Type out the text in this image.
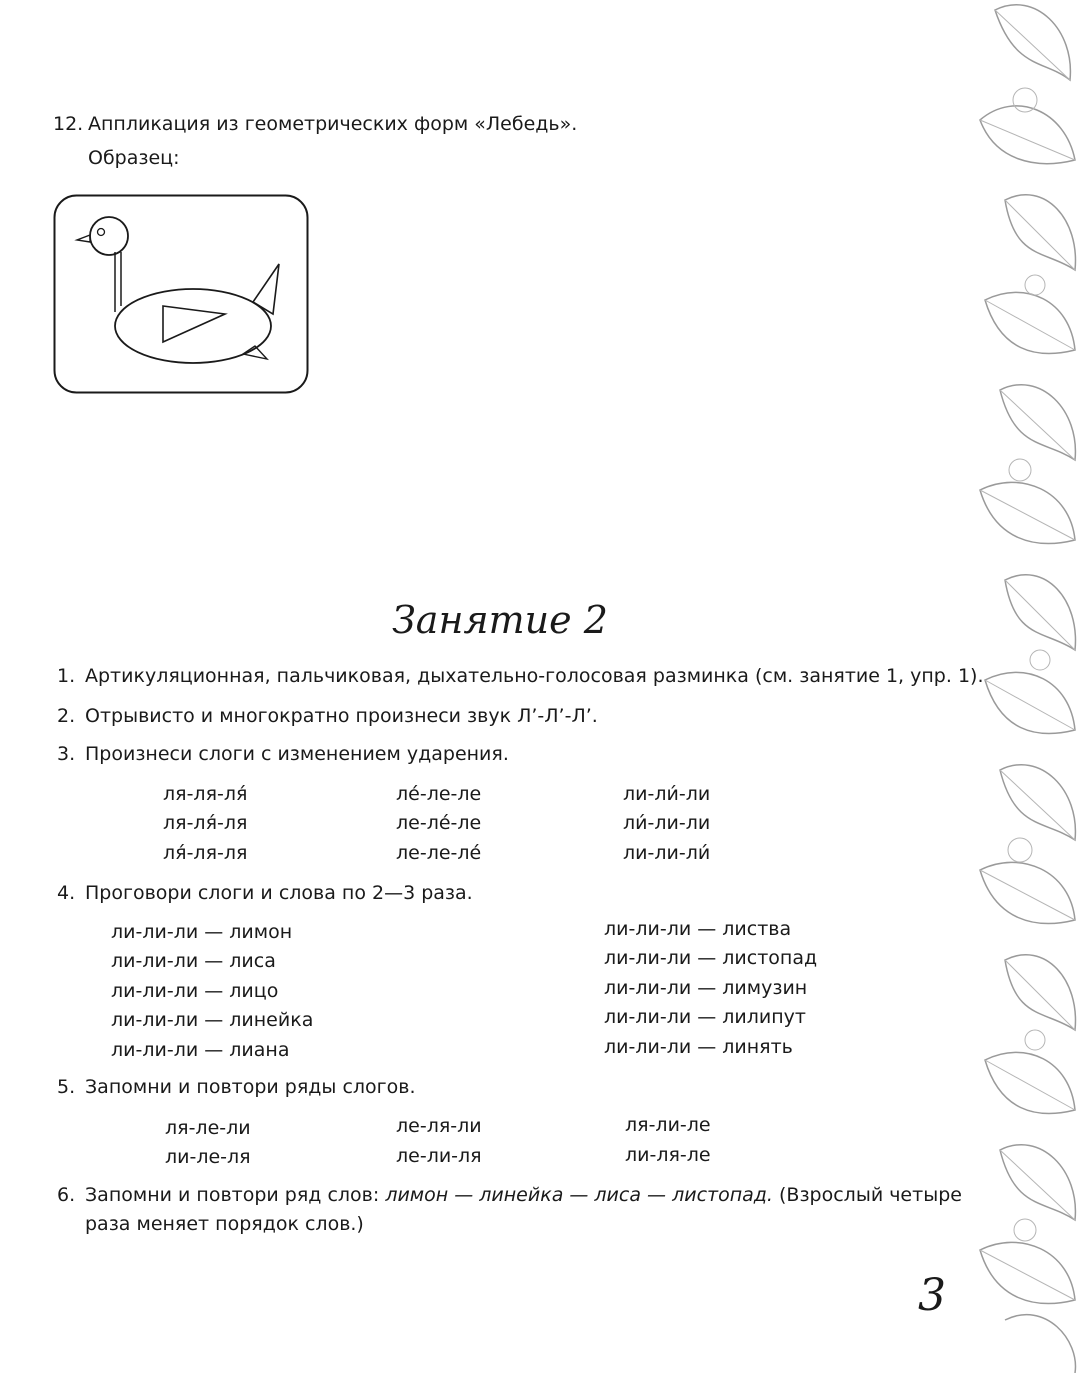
12. Аппликация из геометрических форм «Лебедь».
Образец:
Занятие 2
1. Артикуляционная, пальчиковая, дыхательно-голосовая разминка (см. занятие 1, упр. 1).
2. Отрывисто и многократно произнеси звук Л’-Л’-Л’.
3. Произнеси слоги с изменением ударения.
ля-ля-ля́	ле́-ле-ле	ли-ли́-ли
ля-ля́-ля	ле-ле́-ле	ли́-ли-ли
ля́-ля-ля	ле-ле-ле́	ли-ли-ли́
4. Проговори слоги и слова по 2—3 раза.
ли-ли-ли — лимон
ли-ли-ли — лиса
ли-ли-ли — лицо
ли-ли-ли — линейка
ли-ли-ли — лиана
ли-ли-ли — листва
ли-ли-ли — листопад
ли-ли-ли — лимузин
ли-ли-ли — лилипут
ли-ли-ли — линять
5. Запомни и повтори ряды слогов.
ля-ле-ли	ле-ля-ли	ля-ли-ле
ли-ле-ля	ле-ли-ля	ли-ля-ле
6. Запомни и повтори ряд слов: лимон — линейка — лиса — листопад. (Взрослый четыре
раза меняет порядок слов.)
3
